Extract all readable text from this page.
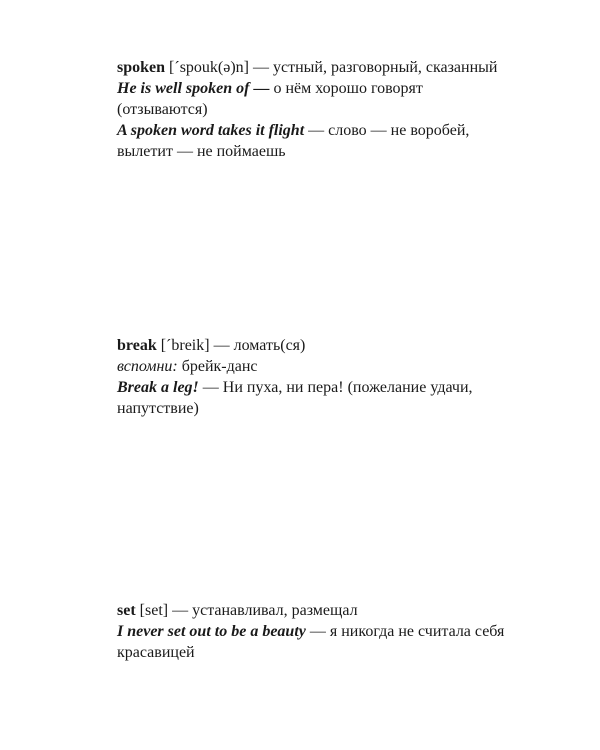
spoken [ˊspouk(ə)n] — устный, разговорный, сказанный

He is well spoken of — о нём хорошо говорят (отзываются)

A spoken word takes it flight — слово — не воробей, вылетит — не поймаешь

break [ˊbreik] — ломать(ся)

вспомни: брейк-данс

Break a leg! — Ни пуха, ни пера! (пожелание удачи, напутствие)

set [set] — устанавливал, размещал

I never set out to be a beauty — я никогда не считала себя красавицей
